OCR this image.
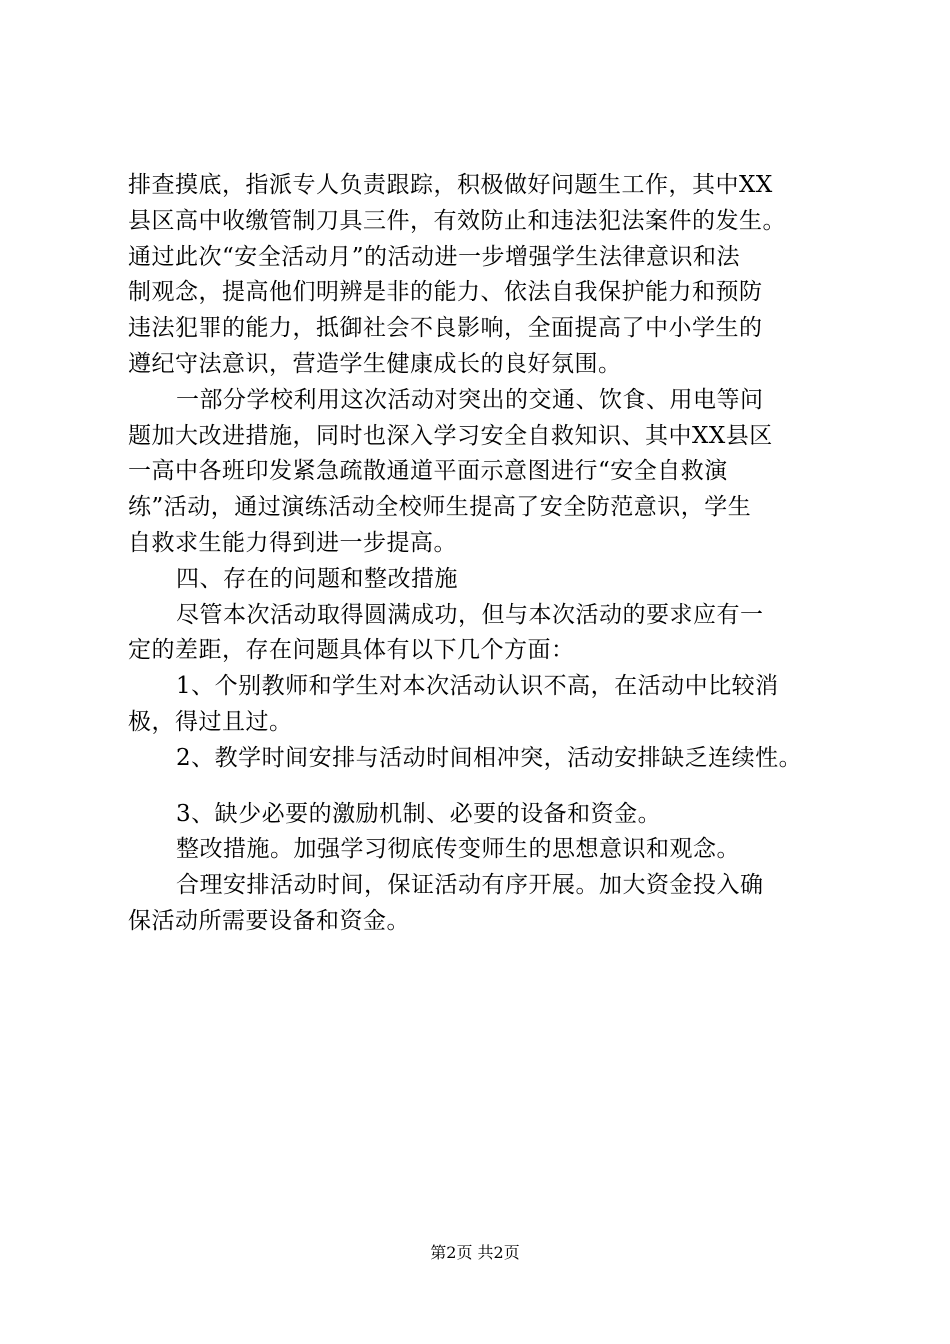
排查摸底，指派专人负责跟踪，积极做好问题生工作，其中XX
县区高中收缴管制刀具三件，有效防止和违法犯法案件的发生。
通过此次“安全活动月”的活动进一步增强学生法律意识和法
制观念，提高他们明辨是非的能力、依法自我保护能力和预防
违法犯罪的能力，抵御社会不良影响，全面提高了中小学生的
遵纪守法意识，营造学生健康成长的良好氛围。
一部分学校利用这次活动对突出的交通、饮食、用电等问
题加大改进措施，同时也深入学习安全自救知识、其中XX县区
一高中各班印发紧急疏散通道平面示意图进行“安全自救演
练”活动，通过演练活动全校师生提高了安全防范意识，学生
自救求生能力得到进一步提高。
四、存在的问题和整改措施
尽管本次活动取得圆满成功，但与本次活动的要求应有一
定的差距，存在问题具体有以下几个方面：
1、个别教师和学生对本次活动认识不高，在活动中比较消
极，得过且过。
2、教学时间安排与活动时间相冲突，活动安排缺乏连续性。
3、缺少必要的激励机制、必要的设备和资金。
整改措施。加强学习彻底传变师生的思想意识和观念。
合理安排活动时间，保证活动有序开展。加大资金投入确
保活动所需要设备和资金。
第2页 共2页
